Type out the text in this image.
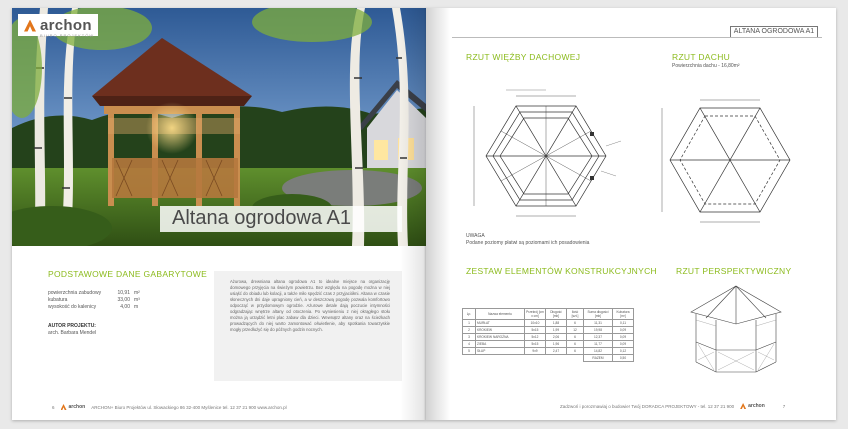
archon
BIURO PROJEKTÓW
Altana ogrodowa A1
PODSTAWOWE DANE GABARYTOWE
powierzchnia zabudowy	10,91 m²
kubatura	33,00 m³
wysokość do kalenicy	4,00 m
AUTOR PROJEKTU:
arch. Barbara Mendel

Ażurowa, drewniana altana ogrodowa A1 to idealne miejsce na organizację domowego przyjęcia na świeżym powietrzu. Bez względu na pogodę można w niej usiąść do obiadu lub kolacji, a także miło spędzić czas z przyjaciółmi. Altana w czasie słonecznych dni daje upragniony cień, a w deszczową pogodę pozwala komfortowo odpocząć w przydomowym ogrodzie. Ażurowe detale dają poczucie intymności odgradzając wnętrze altany od otoczenia. Po wyniesieniu z niej okrągłego stołu można ją urządzić letni plac zabaw dla dzieci. Wewnątrz altany oraz na ścieżkach prowadzących do niej warto zamontować oświetlenie, aby spotkania towarzyskie mogły przedłużyć się do późnych godzin nocnych.

6	archon ARCHON+ Biuro Projektów ul. Słowackiego 86 32-400 Myślenice tel. 12 37 21 900 www.archon.pl
ALTANA OGRODOWA A1
RZUT WIĘŹBY DACHOWEJ	RZUT DACHU
Powierzchnia dachu - 16,80m²
UWAGA
Podane poziomy płatwi są poziomami ich posadowienia
ZESTAW ELEMENTÓW KONSTRUKCYJNYCH RZUT PERSPEKTYWICZNY
Lp.	Nazwa elementu	Przekrój [cm x cm]	Długość [mb]	Ilość [szt.]	Suma długości [mb]	Kubatura [m³]
1	MURŁAT	10x10	1,88	6	11,31	0,11
2	KROKIEW	5x15	1,99	12	19,98	0,09
3	KROKIEW NAROŻNA	5x12	2,06	6	12,37	0,09
4	ZIEBA	5x15	1,96	6	11,77	0,09
5	SŁUP	9x9	2,47	6	14,82	0,12
					RAZEM	0,50
Zadzwoń i porozmawiaj o budowie! Twój DORADCA PROJEKTOWY - tel. 12 37 21 900	archon	7
